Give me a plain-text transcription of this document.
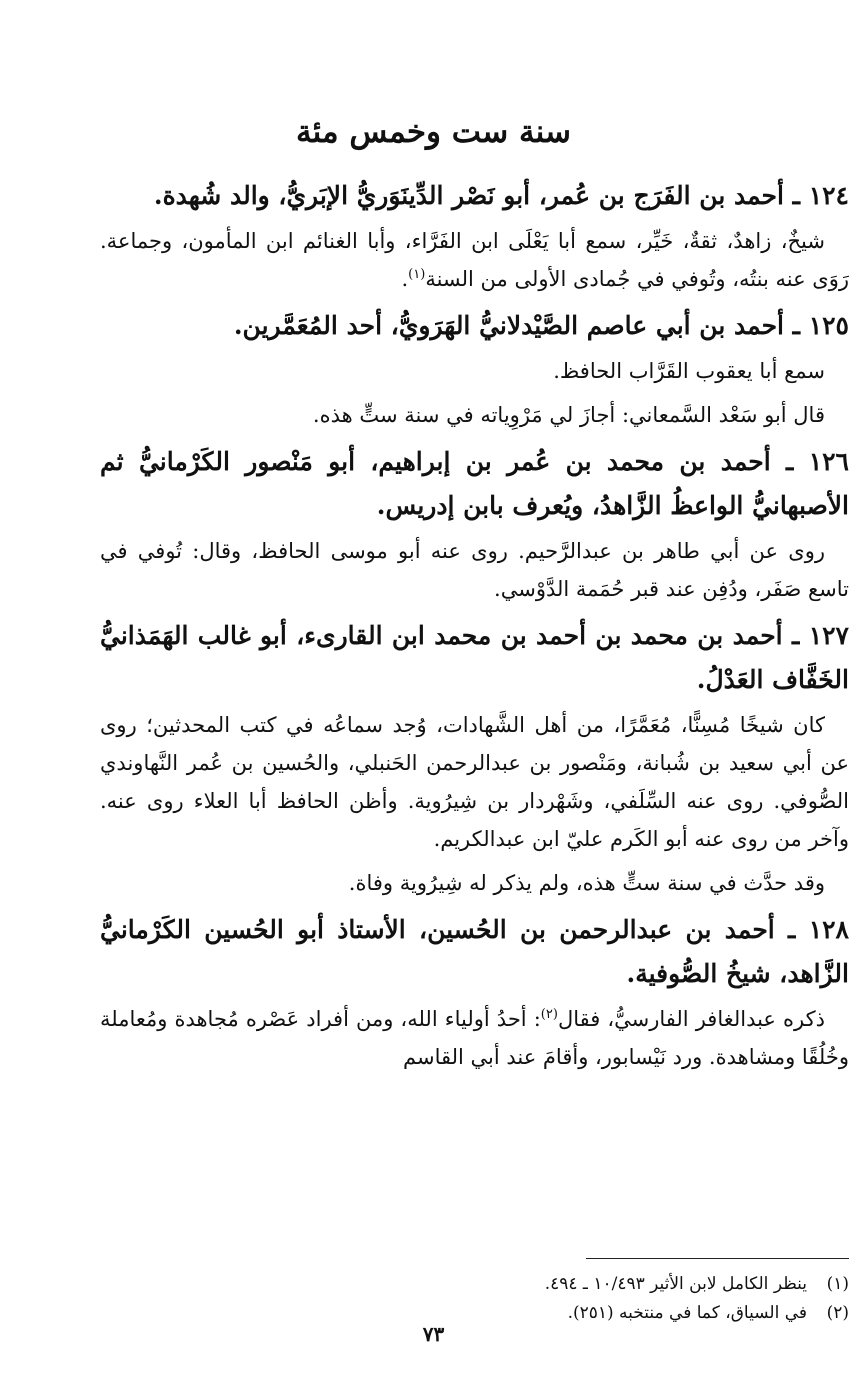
سنة ست وخمس مئة
١٢٤ ـ أحمد بن الفَرَج بن عُمر، أبو نَصْر الدِّينَوَريُّ الإبَريُّ، والد شُهدة.

شيخٌ، زاهدٌ، ثقةٌ، خَيِّر، سمع أبا يَعْلَى ابن الفَرَّاء، وأبا الغنائم ابن المأمون، وجماعة. رَوَى عنه بنتُه، وتُوفي في جُمادى الأولى من السنة$^{(١)}$.

١٢٥ ـ أحمد بن أبي عاصم الصَّيْدلانيُّ الهَرَويُّ، أحد المُعَمَّرين.

سمع أبا يعقوب القَرَّاب الحافظ.

قال أبو سَعْد السَّمعاني: أجازَ لي مَرْوِياته في سنة ستٍّ هذه.

١٢٦ ـ أحمد بن محمد بن عُمر بن إبراهيم، أبو مَنْصور الكَرْمانيُّ ثم الأصبهانيُّ الواعظُ الزَّاهدُ، ويُعرف بابن إدريس.

روى عن أبي طاهر بن عبدالرَّحيم. روى عنه أبو موسى الحافظ، وقال: تُوفي في تاسع صَفَر، ودُفِن عند قبر حُمَمة الدَّوْسي.

١٢٧ ـ أحمد بن محمد بن أحمد بن محمد ابن القارىء، أبو غالب الهَمَذانيُّ الخَفَّاف العَدْلُ.

كان شيخًا مُسِنًّا، مُعَمَّرًا، من أهل الشَّهادات، وُجد سماعُه في كتب المحدثين؛ روى عن أبي سعيد بن شُبانة، ومَنْصور بن عبدالرحمن الحَنبلي، والحُسين بن عُمر النَّهاوندي الصُّوفي. روى عنه السِّلَفي، وشَهْردار بن شِيرُوية. وأظن الحافظ أبا العلاء روى عنه. وآخر من روى عنه أبو الكَرم عليّ ابن عبدالكريم.

وقد حدَّث في سنة ستٍّ هذه، ولم يذكر له شِيرُوية وفاة.

١٢٨ ـ أحمد بن عبدالرحمن بن الحُسين، الأستاذ أبو الحُسين الكَرْمانيُّ الزَّاهد، شيخُ الصُّوفية.

ذكره عبدالغافر الفارسيُّ، فقال$^{(٢)}$: أحدُ أولياء الله، ومن أفراد عَصْره مُجاهدة ومُعاملة وخُلُقًا ومشاهدة. ورد نَيْسابور، وأقامَ عند أبي القاسم

(١)ينظر الكامل لابن الأثير ١٠/٤٩٣ ـ ٤٩٤.

(٢)في السياق، كما في منتخبه (٢٥١).

٧٣
